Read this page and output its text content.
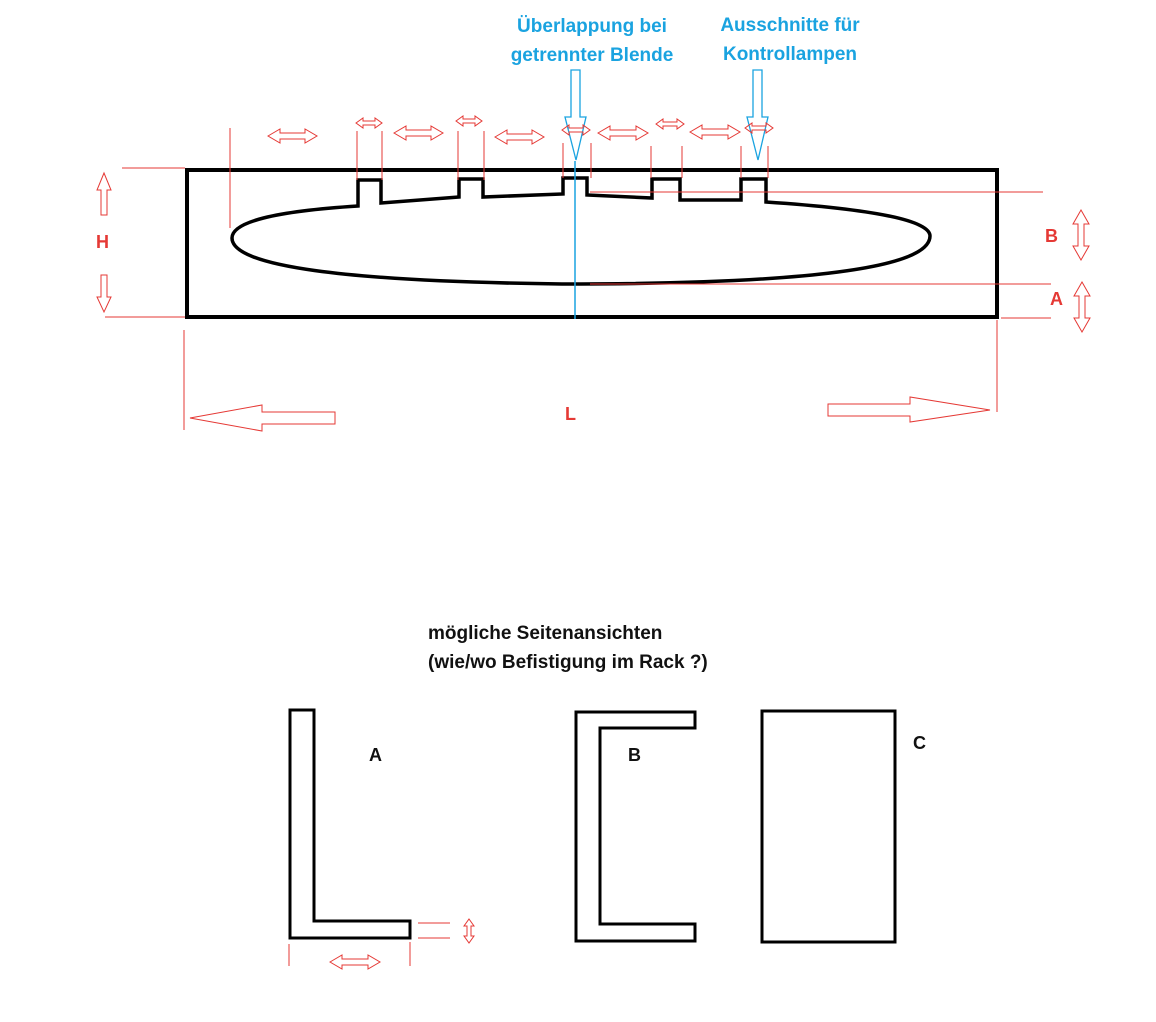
Überlappung bei
getrennter Blende
Ausschnitte für
Kontrollampen
H	B
A
L
mögliche Seitenansichten
(wie/wo Befistigung im Rack ?)
A	B
C
